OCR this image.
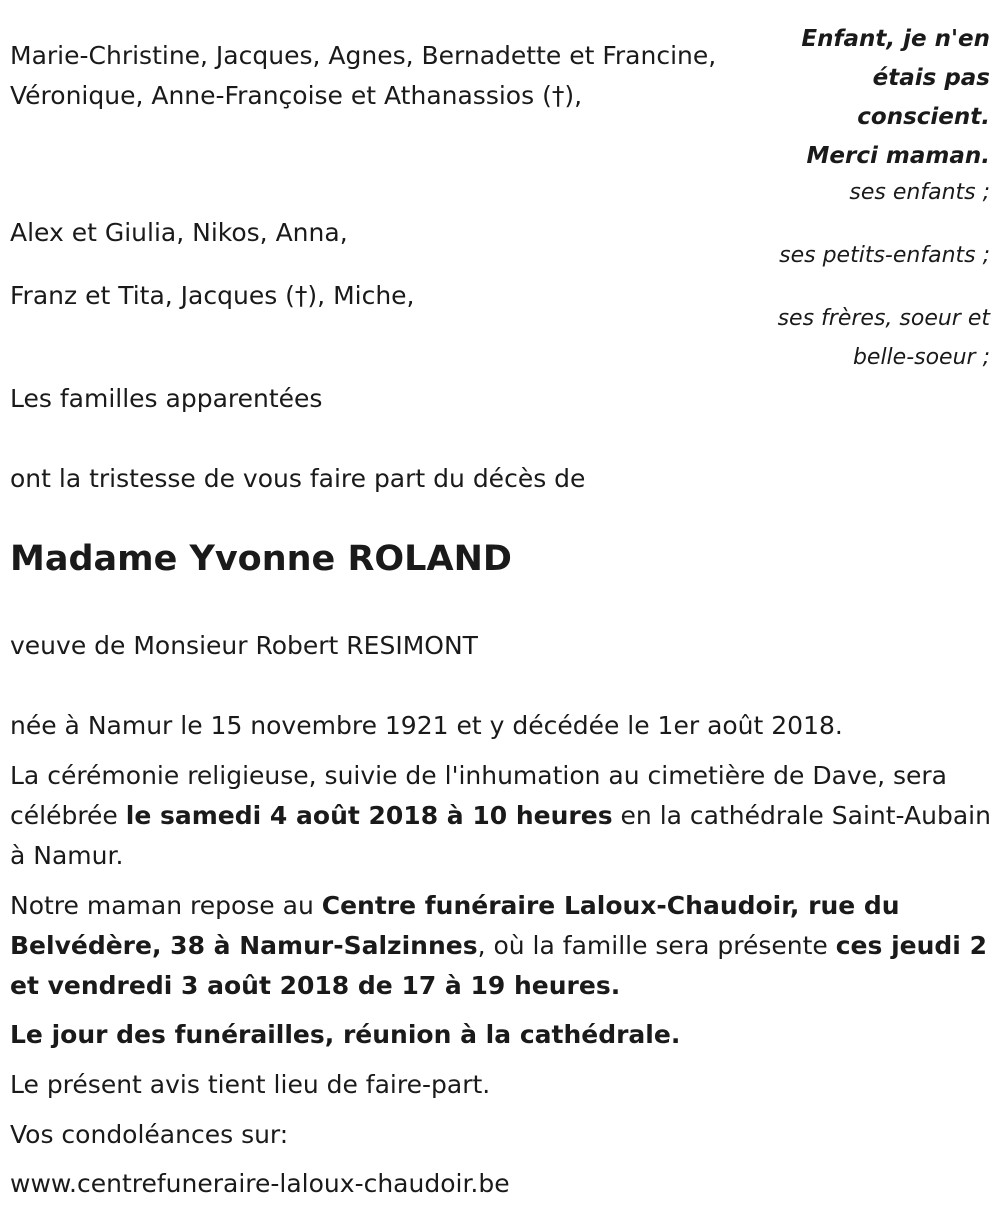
Marie-Christine, Jacques, Agnes, Bernadette et Francine, Véronique, Anne-Françoise et Athanassios (†),

Alex et Giulia, Nikos, Anna,

Franz et Tita, Jacques (†), Miche,

Les familles apparentées

Enfant, je n'en

étais pas

conscient.

Merci maman.

ses enfants ;

ses petits-enfants ;

ses frères, soeur et

belle-soeur ;

ont la tristesse de vous faire part du décès de

Madame Yvonne ROLAND

veuve de Monsieur Robert RESIMONT

née à Namur le 15 novembre 1921 et y décédée le 1er août 2018.

La cérémonie religieuse, suivie de l'inhumation au cimetière de Dave, sera célébrée le samedi 4 août 2018 à 10 heures en la cathédrale Saint-Aubain à Namur.

Notre maman repose au Centre funéraire Laloux-Chaudoir, rue du Belvédère, 38 à Namur-Salzinnes, où la famille sera présente ces jeudi 2 et vendredi 3 août 2018 de 17 à 19 heures.

Le jour des funérailles, réunion à la cathédrale.

Le présent avis tient lieu de faire-part.

Vos condoléances sur:

www.centrefuneraire-laloux-chaudoir.be
